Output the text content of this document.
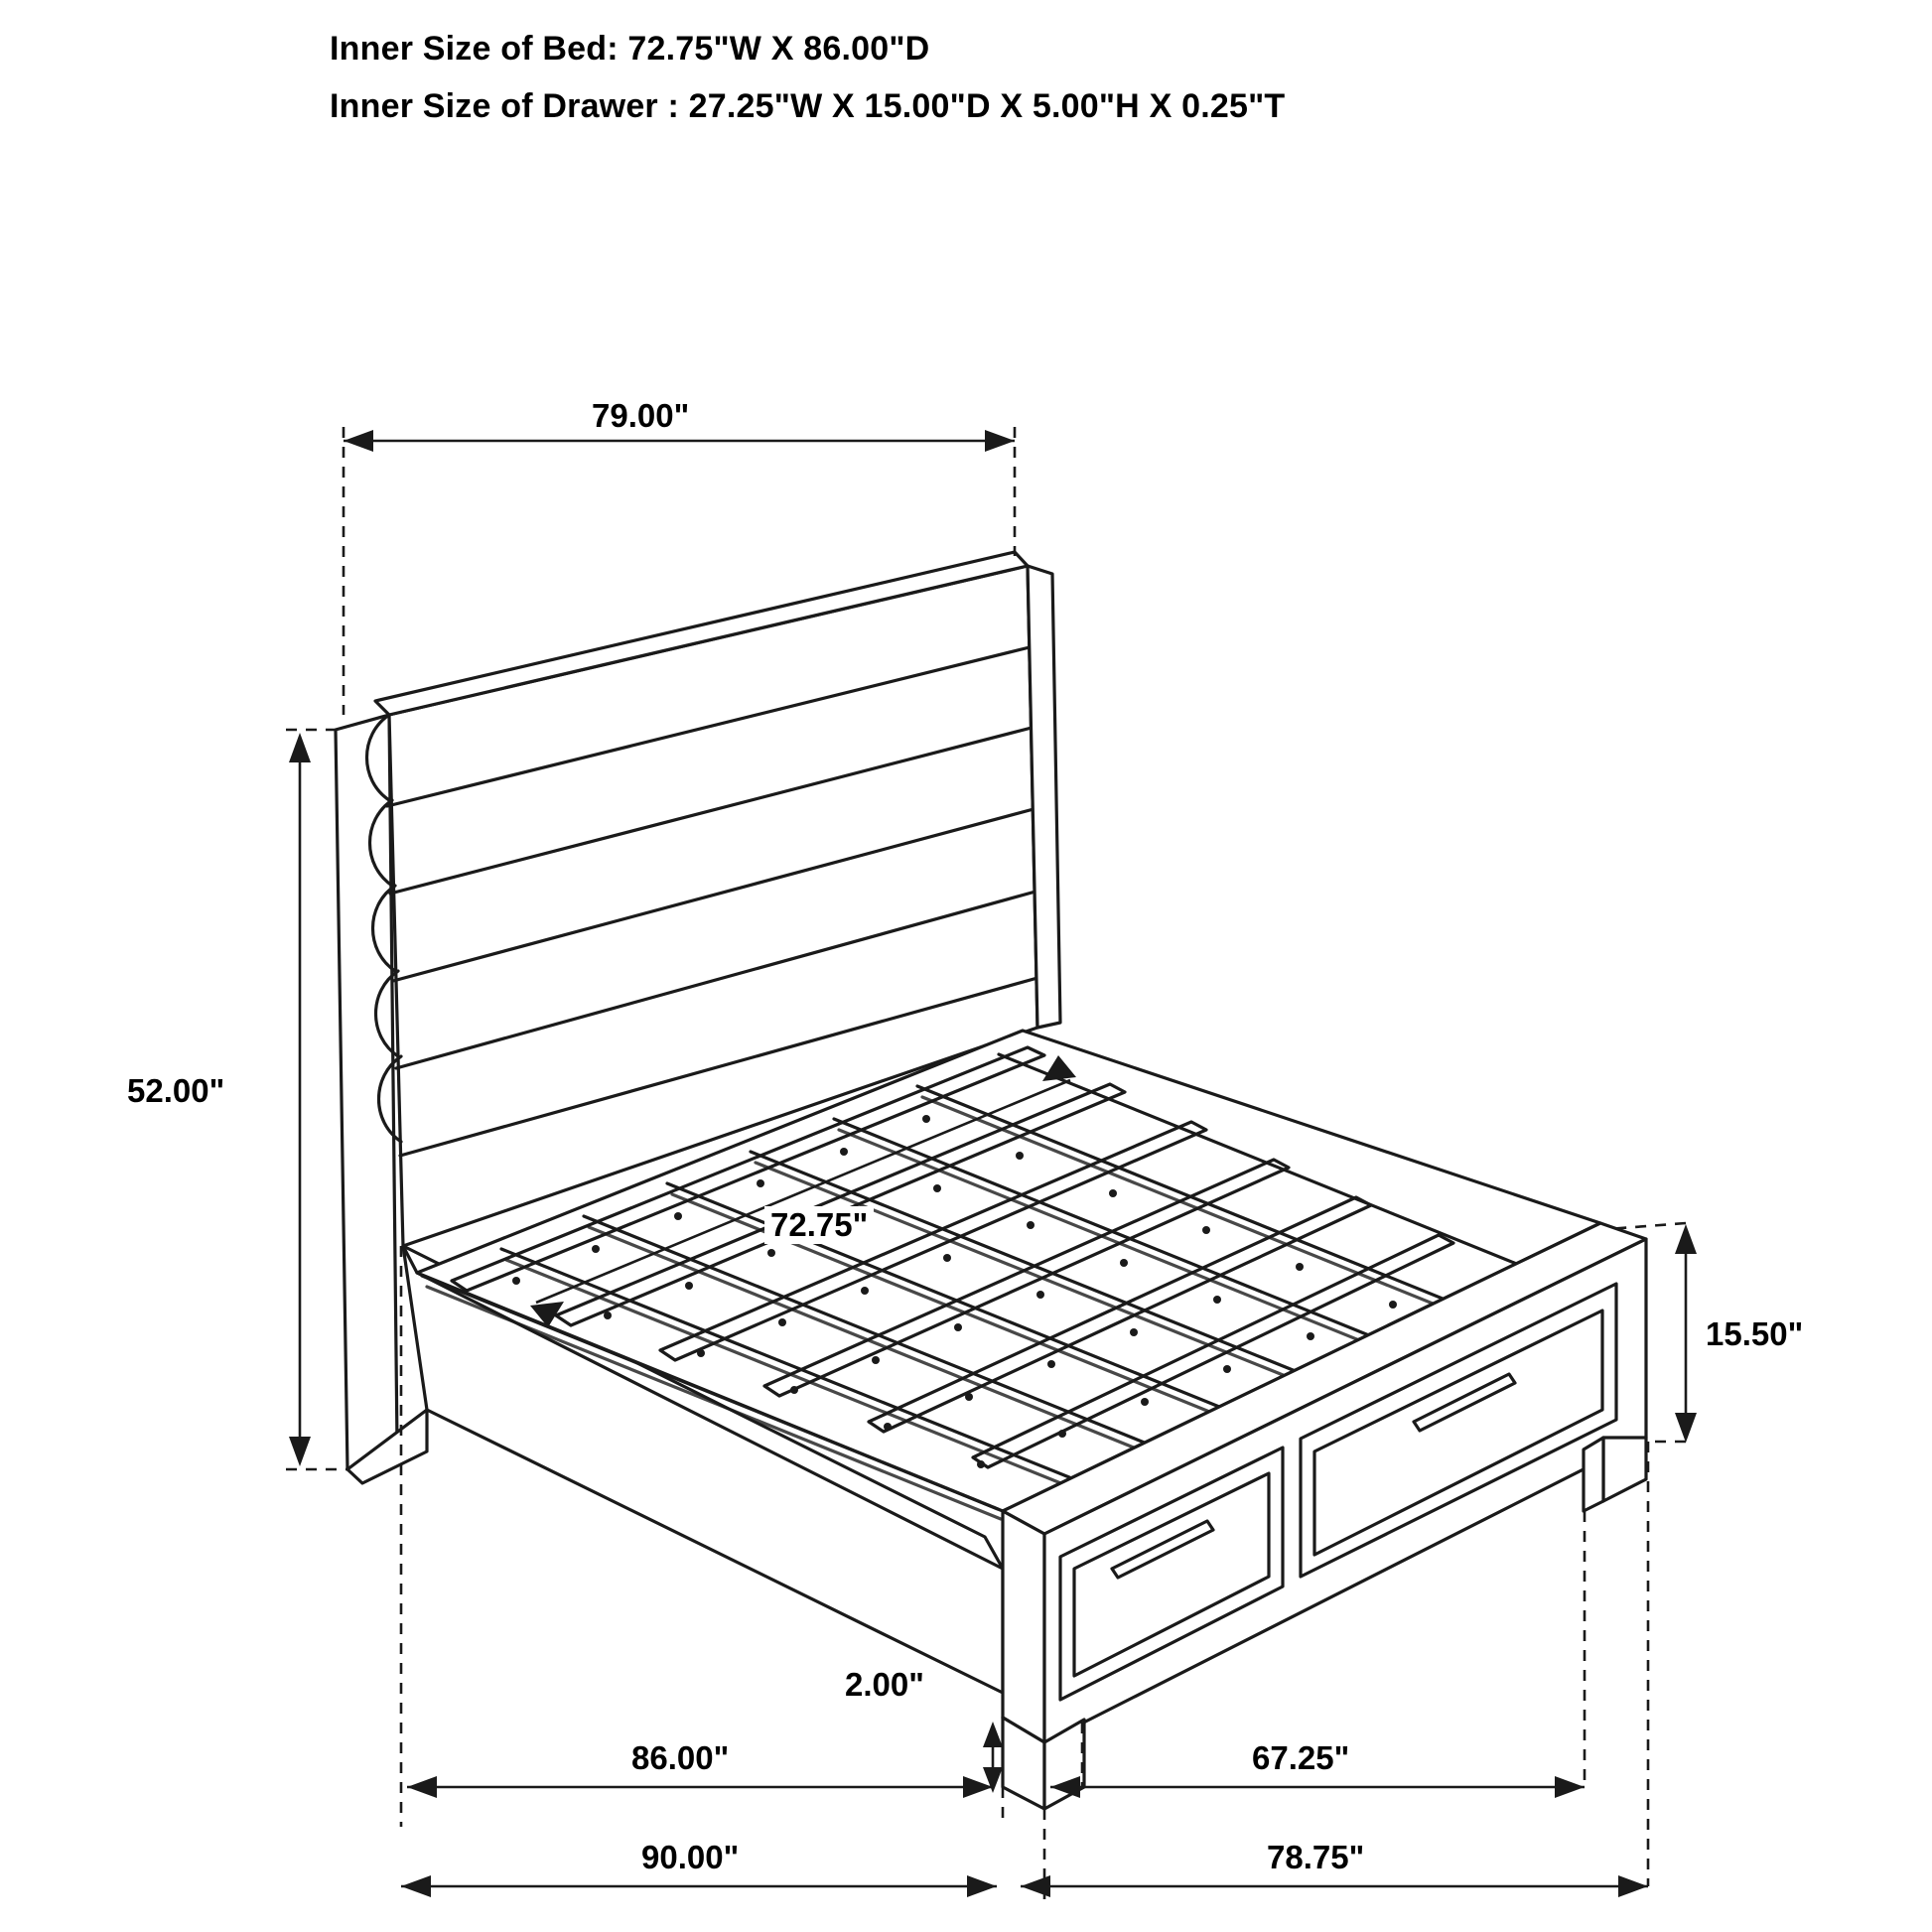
Inner Size of Bed: 72.75"W X 86.00"D
Inner Size of Drawer : 27.25"W X 15.00"D X 5.00"H X 0.25"T
79.00"
52.00"
72.75"
15.50"
2.00"
86.00"	67.25"
90.00"	78.75"
